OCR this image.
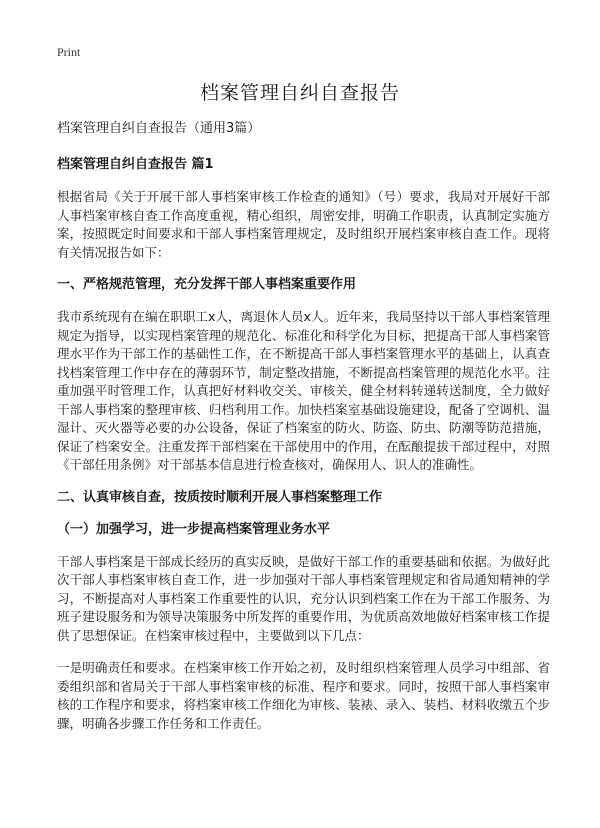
Print
档案管理自纠自查报告

档案管理自纠自查报告（通用3篇）

档案管理自纠自查报告 篇1

根据省局《关于开展干部人事档案审核工作检查的通知》（号）要求，我局对开展好干部人事档案审核自查工作高度重视，精心组织，周密安排，明确工作职责，认真制定实施方案，按照既定时间要求和干部人事档案管理规定，及时组织开展档案审核自查工作。现将有关情况报告如下：

一、严格规范管理，充分发挥干部人事档案重要作用

我市系统现有在编在职职工x人，离退休人员x人。近年来，我局坚持以干部人事档案管理规定为指导，以实现档案管理的规范化、标准化和科学化为目标，把提高干部人事档案管理水平作为干部工作的基础性工作，在不断提高干部人事档案管理水平的基础上，认真查找档案管理工作中存在的薄弱环节，制定整改措施，不断提高档案管理的规范化水平。注重加强平时管理工作，认真把好材料收交关、审核关，健全材料转递转送制度，全力做好干部人事档案的整理审核、归档利用工作。加快档案室基础设施建设，配备了空调机、温湿计、灭火器等必要的办公设备，保证了档案室的防火、防盗、防虫、防潮等防范措施，保证了档案安全。注重发挥干部档案在干部使用中的作用，在酝酿提拔干部过程中，对照《干部任用条例》对干部基本信息进行检查核对，确保用人、识人的准确性。

二、认真审核自查，按质按时顺利开展人事档案整理工作

（一）加强学习，进一步提高档案管理业务水平

干部人事档案是干部成长经历的真实反映，是做好干部工作的重要基础和依据。为做好此次干部人事档案审核自查工作，进一步加强对干部人事档案管理规定和省局通知精神的学习，不断提高对人事档案工作重要性的认识，充分认识到档案工作在为干部工作服务、为班子建设服务和为领导决策服务中所发挥的重要作用，为优质高效地做好档案审核工作提供了思想保证。在档案审核过程中，主要做到以下几点：

一是明确责任和要求。在档案审核工作开始之初，及时组织档案管理人员学习中组部、省委组织部和省局关于干部人事档案审核的标准、程序和要求。同时，按照干部人事档案审核的工作程序和要求，将档案审核工作细化为审核、装裱、录入、装档、材料收缴五个步骤，明确各步骤工作任务和工作责任。
